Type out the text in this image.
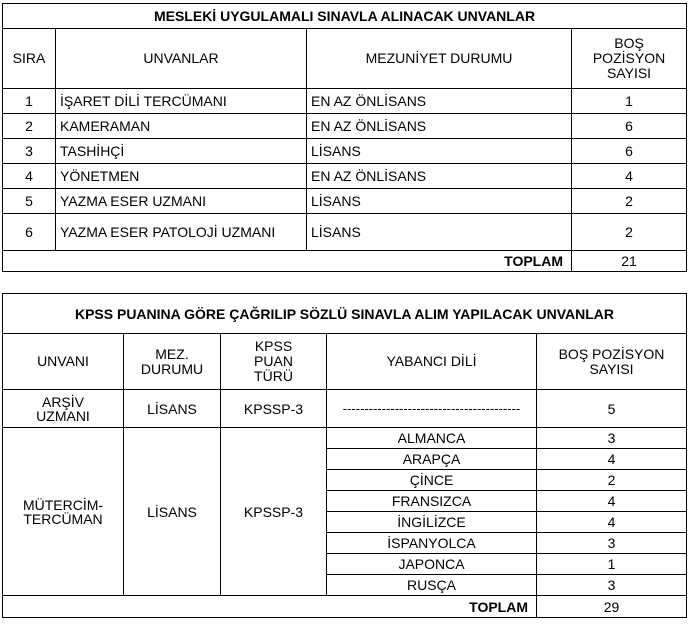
MESLEKİ UYGULAMALI SINAVLA ALINACAK UNVANLAR			
SIRA	UNVANLAR	MEZUNİYET DURUMU	BOŞ POZİSYON SAYISI
1	İŞARET DİLİ TERCÜMANI	EN AZ ÖNLİSANS	1
2	KAMERAMAN	EN AZ ÖNLİSANS	6
3	TASHİHÇİ	LİSANS	6
4	YÖNETMEN	EN AZ ÖNLİSANS	4
5	YAZMA ESER UZMANI	LİSANS	2
6	YAZMA ESER PATOLOJİ UZMANI	LİSANS	2
TOPLAM			21
KPSS PUANINA GÖRE ÇAĞRILIP SÖZLÜ SINAVLA ALIM YAPILACAK UNVANLAR				
UNVANI	MEZ. DURUMU	KPSS PUAN TÜRÜ	YABANCI DİLİ	BOŞ POZİSYON SAYISI
ARŞİV UZMANI	LİSANS	KPSSP-3	-----------------------------------------	5
MÜTERCİM-TERCÜMAN	LİSANS	KPSSP-3	ALMANCA	3
			ARAPÇA	4
			ÇİNCE	2
			FRANSIZCA	4
			İNGİLİZCE	4
			İSPANYOLCA	3
			JAPONCA	1
			RUSÇA	3
TOPLAM				29
